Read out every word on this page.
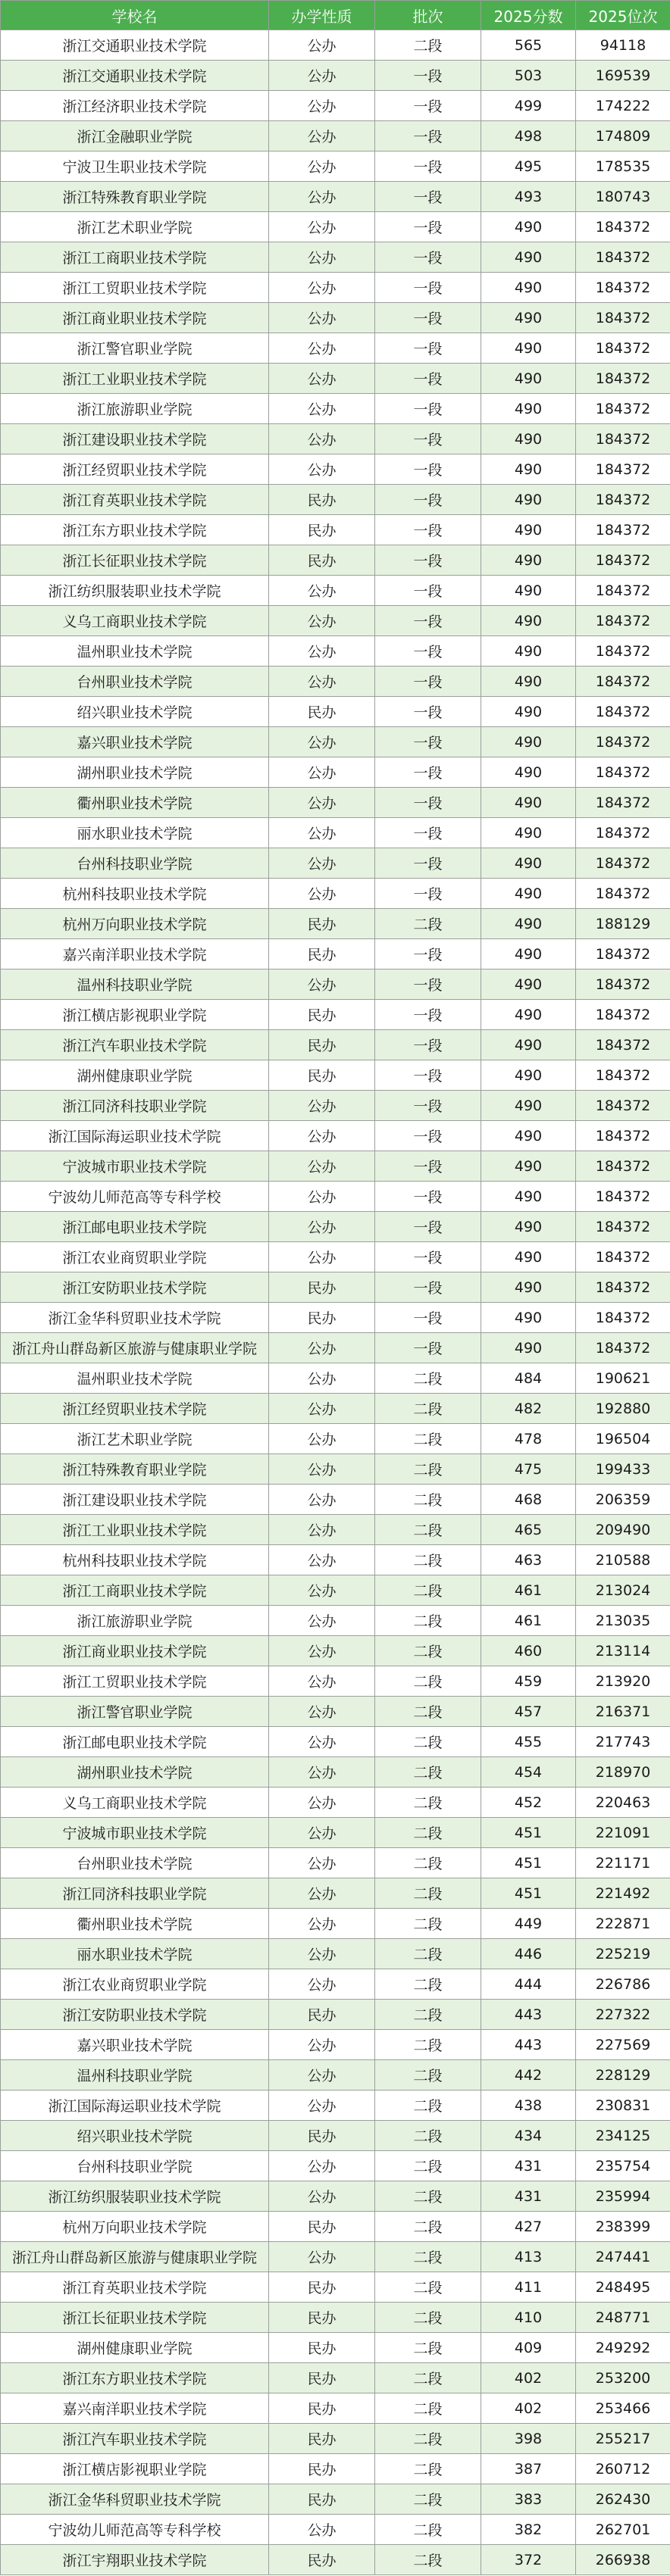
学校名	办学性质	批次	2025分数	2025位次
浙江交通职业技术学院	公办	二段	565	94118
浙江交通职业技术学院	公办	一段	503	169539
浙江经济职业技术学院	公办	一段	499	174222
浙江金融职业学院	公办	一段	498	174809
宁波卫生职业技术学院	公办	一段	495	178535
浙江特殊教育职业学院	公办	一段	493	180743
浙江艺术职业学院	公办	一段	490	184372
浙江工商职业技术学院	公办	一段	490	184372
浙江工贸职业技术学院	公办	一段	490	184372
浙江商业职业技术学院	公办	一段	490	184372
浙江警官职业学院	公办	一段	490	184372
浙江工业职业技术学院	公办	一段	490	184372
浙江旅游职业学院	公办	一段	490	184372
浙江建设职业技术学院	公办	一段	490	184372
浙江经贸职业技术学院	公办	一段	490	184372
浙江育英职业技术学院	民办	一段	490	184372
浙江东方职业技术学院	民办	一段	490	184372
浙江长征职业技术学院	民办	一段	490	184372
浙江纺织服装职业技术学院	公办	一段	490	184372
义乌工商职业技术学院	公办	一段	490	184372
温州职业技术学院	公办	一段	490	184372
台州职业技术学院	公办	一段	490	184372
绍兴职业技术学院	民办	一段	490	184372
嘉兴职业技术学院	公办	一段	490	184372
湖州职业技术学院	公办	一段	490	184372
衢州职业技术学院	公办	一段	490	184372
丽水职业技术学院	公办	一段	490	184372
台州科技职业学院	公办	一段	490	184372
杭州科技职业技术学院	公办	一段	490	184372
杭州万向职业技术学院	民办	二段	490	188129
嘉兴南洋职业技术学院	民办	一段	490	184372
温州科技职业学院	公办	一段	490	184372
浙江横店影视职业学院	民办	一段	490	184372
浙江汽车职业技术学院	民办	一段	490	184372
湖州健康职业学院	民办	一段	490	184372
浙江同济科技职业学院	公办	一段	490	184372
浙江国际海运职业技术学院	公办	一段	490	184372
宁波城市职业技术学院	公办	一段	490	184372
宁波幼儿师范高等专科学校	公办	一段	490	184372
浙江邮电职业技术学院	公办	一段	490	184372
浙江农业商贸职业学院	公办	一段	490	184372
浙江安防职业技术学院	民办	一段	490	184372
浙江金华科贸职业技术学院	民办	一段	490	184372
浙江舟山群岛新区旅游与健康职业学院	公办	一段	490	184372
温州职业技术学院	公办	二段	484	190621
浙江经贸职业技术学院	公办	二段	482	192880
浙江艺术职业学院	公办	二段	478	196504
浙江特殊教育职业学院	公办	二段	475	199433
浙江建设职业技术学院	公办	二段	468	206359
浙江工业职业技术学院	公办	二段	465	209490
杭州科技职业技术学院	公办	二段	463	210588
浙江工商职业技术学院	公办	二段	461	213024
浙江旅游职业学院	公办	二段	461	213035
浙江商业职业技术学院	公办	二段	460	213114
浙江工贸职业技术学院	公办	二段	459	213920
浙江警官职业学院	公办	二段	457	216371
浙江邮电职业技术学院	公办	二段	455	217743
湖州职业技术学院	公办	二段	454	218970
义乌工商职业技术学院	公办	二段	452	220463
宁波城市职业技术学院	公办	二段	451	221091
台州职业技术学院	公办	二段	451	221171
浙江同济科技职业学院	公办	二段	451	221492
衢州职业技术学院	公办	二段	449	222871
丽水职业技术学院	公办	二段	446	225219
浙江农业商贸职业学院	公办	二段	444	226786
浙江安防职业技术学院	民办	二段	443	227322
嘉兴职业技术学院	公办	二段	443	227569
温州科技职业学院	公办	二段	442	228129
浙江国际海运职业技术学院	公办	二段	438	230831
绍兴职业技术学院	民办	二段	434	234125
台州科技职业学院	公办	二段	431	235754
浙江纺织服装职业技术学院	公办	二段	431	235994
杭州万向职业技术学院	民办	二段	427	238399
浙江舟山群岛新区旅游与健康职业学院	公办	二段	413	247441
浙江育英职业技术学院	民办	二段	411	248495
浙江长征职业技术学院	民办	二段	410	248771
湖州健康职业学院	民办	二段	409	249292
浙江东方职业技术学院	民办	二段	402	253200
嘉兴南洋职业技术学院	民办	二段	402	253466
浙江汽车职业技术学院	民办	二段	398	255217
浙江横店影视职业学院	民办	二段	387	260712
浙江金华科贸职业技术学院	民办	二段	383	262430
宁波幼儿师范高等专科学校	公办	二段	382	262701
浙江宇翔职业技术学院	民办	二段	372	266938
